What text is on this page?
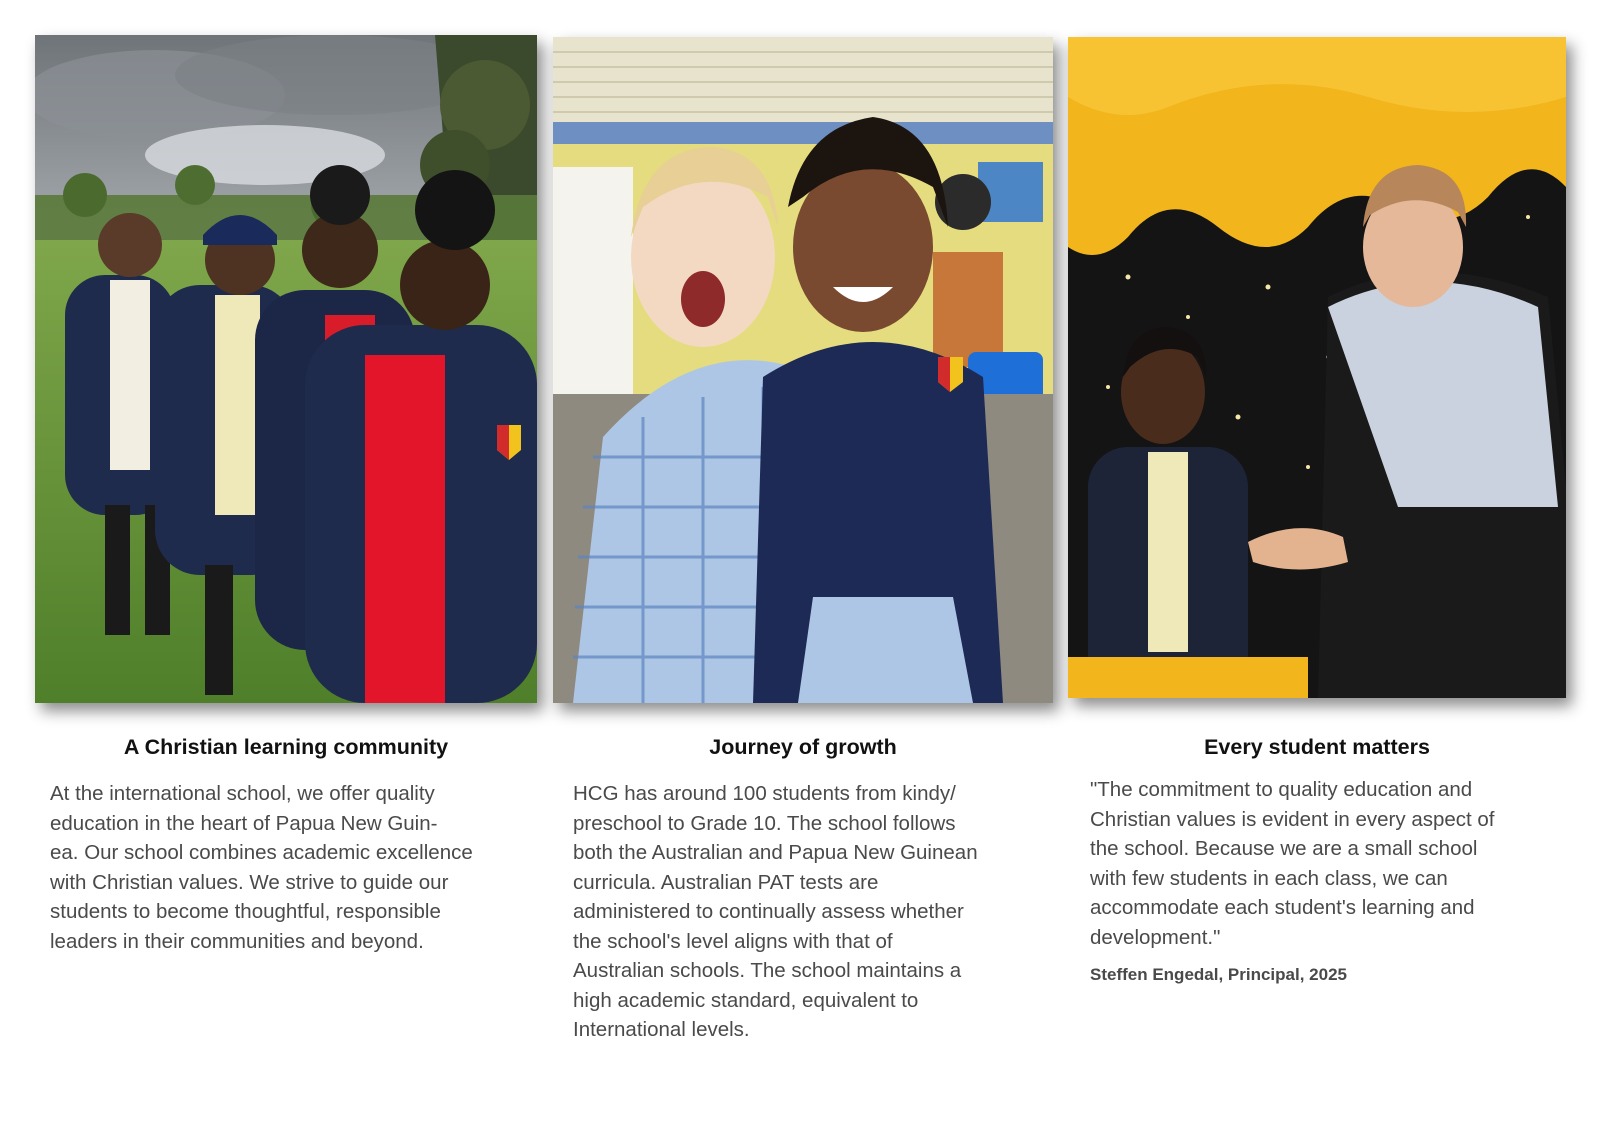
A Christian learning community

At the international school, we offer quality
education in the heart of Papua New Guin-
ea. Our school combines academic excellence
with Christian values. We strive to guide our
students to become thoughtful, responsible
leaders in their communities and beyond.

Journey of growth

HCG has around 100 students from kindy/
preschool to Grade 10. The school follows
both the Australian and Papua New Guinean
curricula. Australian PAT tests are
administered to continually assess whether
the school's level aligns with that of
Australian schools. The school maintains a
high academic standard, equivalent to
International levels.

Every student matters

"The commitment to quality education and
Christian values is evident in every aspect of
the school. Because we are a small school
with few students in each class, we can
accommodate each student's learning and
development."

Steffen Engedal, Principal, 2025
